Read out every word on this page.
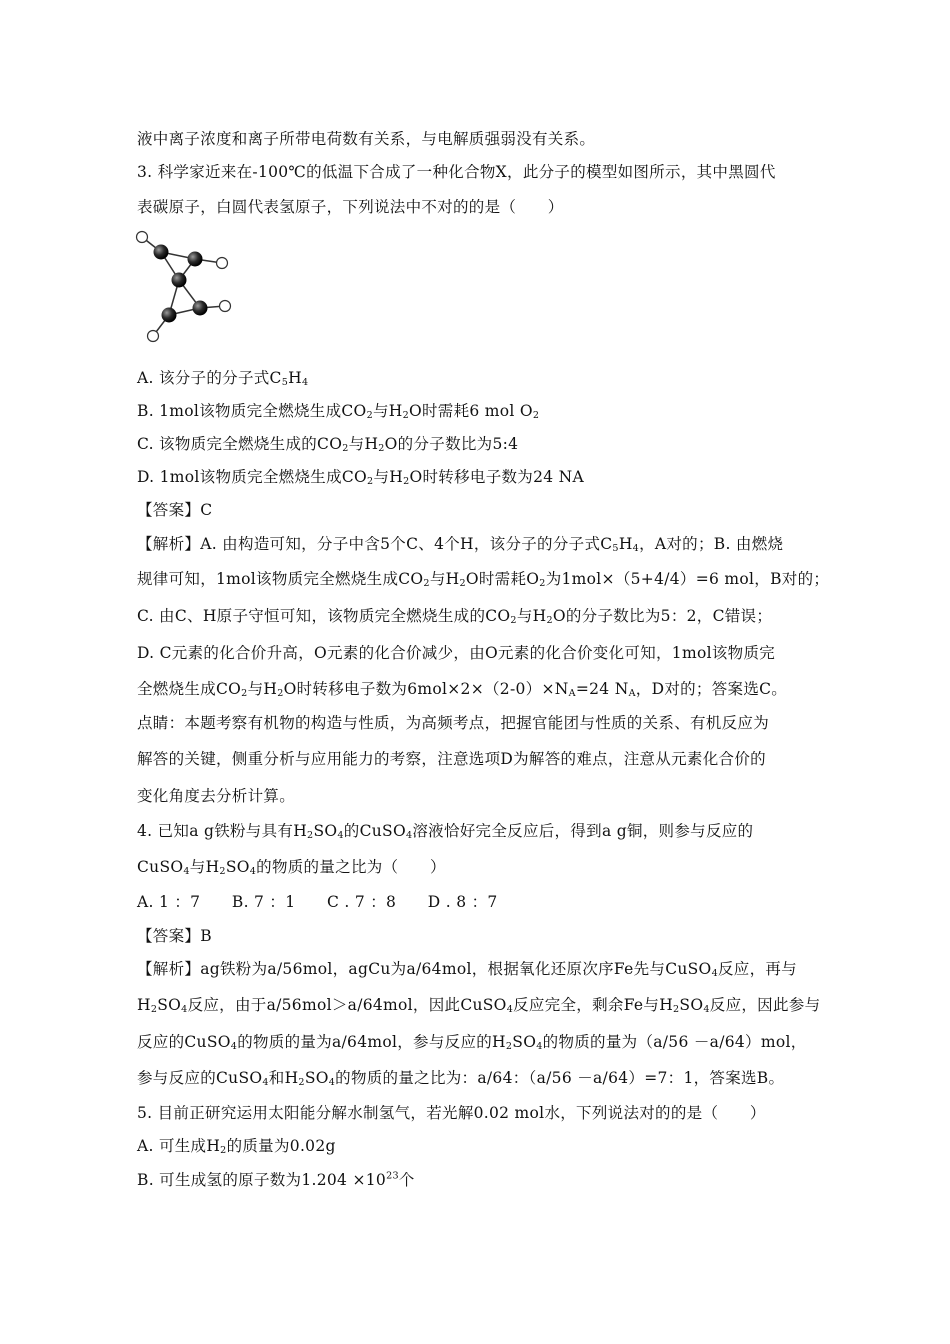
液中离子浓度和离子所带电荷数有关系，与电解质强弱没有关系。
3. 科学家近来在-100℃的低温下合成了一种化合物X，此分子的模型如图所示，其中黑圆代
表碳原子，白圆代表氢原子，下列说法中不对的的是（　　）
A. 该分子的分子式$C_5H_4$
B. 1mol该物质完全燃烧生成$CO_2$与$H_2O$时需耗6 mol $O_2$
C. 该物质完全燃烧生成的$CO_2$与$H_2O$的分子数比为5:4
D. 1mol该物质完全燃烧生成$CO_2$与$H_2O$时转移电子数为24 NA
【答案】C
【解析】A. 由构造可知，分子中含5个C、4个H，该分子的分子式$C_5H_4$，A对的；B. 由燃烧
规律可知，1mol该物质完全燃烧生成$CO_2$与$H_2O$时需耗$O_2$为1mol×（5+4/4）=6 mol，B对的；
C. 由C、H原子守恒可知，该物质完全燃烧生成的$CO_2$与$H_2O$的分子数比为5：2，C错误；
D. C元素的化合价升高，O元素的化合价减少，由O元素的化合价变化可知，1mol该物质完
全燃烧生成$CO_2$与$H_2O$时转移电子数为$6mol\times 2\times(2-0)\times N_A=24$ $N_A$，D对的；答案选C。
点睛：本题考察有机物的构造与性质，为高频考点，把握官能团与性质的关系、有机反应为
解答的关键，侧重分析与应用能力的考察，注意选项D为解答的难点，注意从元素化合价的
变化角度去分析计算。
4. 已知a g铁粉与具有$H_2SO_4$的CuSO$_4$溶液恰好完全反应后，得到a g铜，则参与反应的
CuSO$_4$与$H_2SO_4$的物质的量之比为（　　）
A. 1 ：7　　B. 7 ：1　　C . 7 ：8　　D . 8 ：7
【答案】B
【解析】ag铁粉为a/56mol，agCu为a/64mol，根据氧化还原次序Fe先与CuSO$_4$反应，再与
$H_2SO_4$反应，由于a/56mol＞a/64mol，因此CuSO$_4$反应完全，剩余Fe与$H_2SO_4$反应，因此参与
反应的CuSO$_4$的物质的量为a/64mol，参与反应的$H_2SO_4$的物质的量为（a/56 －a/64）mol，
参与反应的CuSO$_4$和$H_2SO_4$的物质的量之比为：a/64：（a/56 －a/64）=7：1，答案选B。
5. 目前正研究运用太阳能分解水制氢气，若光解0.02 mol水，下列说法对的的是（　　）
A. 可生成$H_2$的质量为0.02g
B. 可生成氢的原子数为$1.204 \times 10^{23}$个
